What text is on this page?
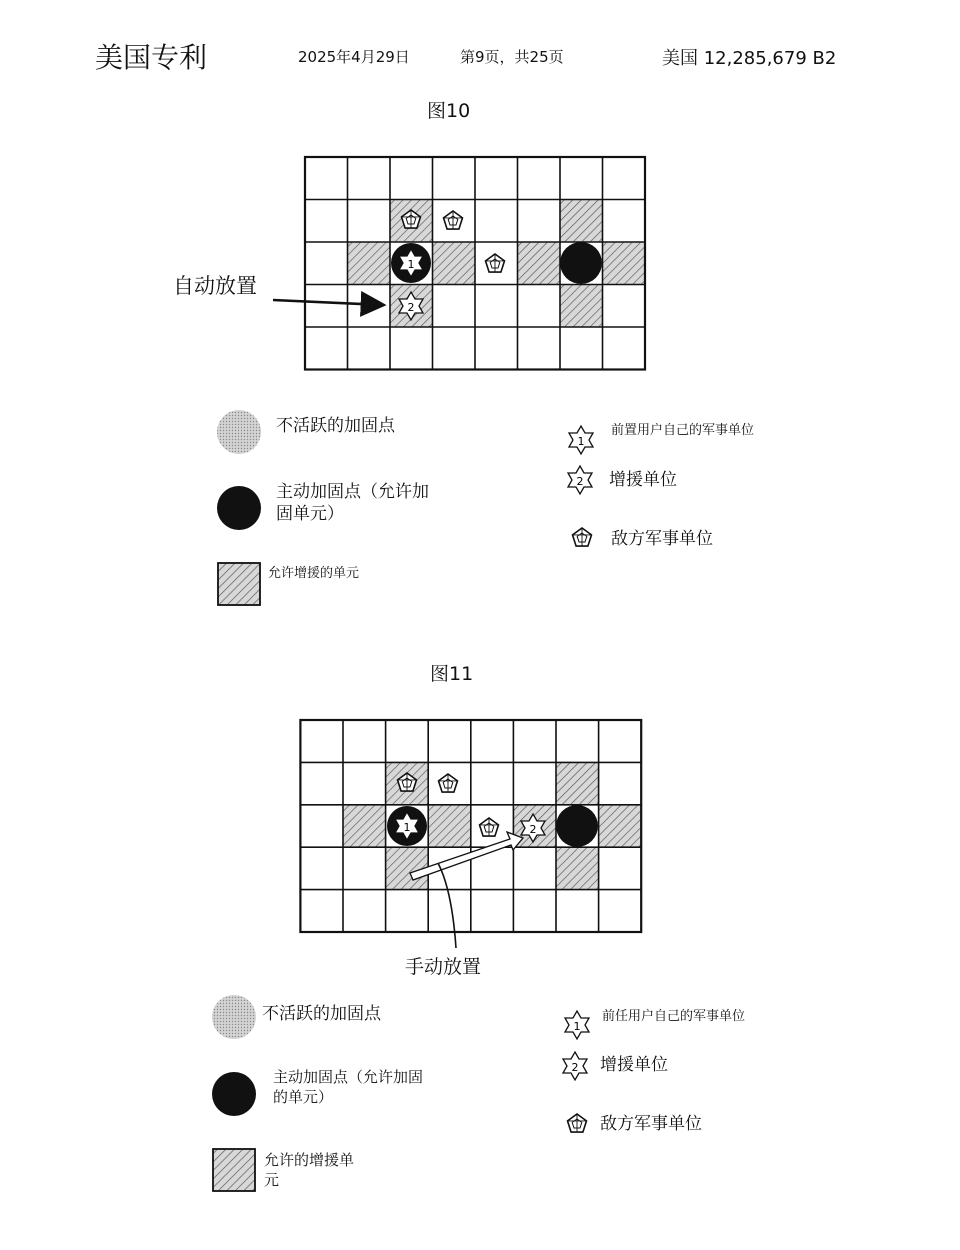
美国专利	2025年4月29日	第9页，共25页	美国 12,285,679 B2
图10
自动放置
不活跃的加固点
主动加固点（允许加固单元）
允许增援的单元
前置用户自己的军事单位
增援单位
敌方军事单位
图11
手动放置
不活跃的加固点
主动加固点（允许加固的单元）
允许的增援单元
前任用户自己的军事单位
增援单位
敌方军事单位
1
2
1
2
1	2
1
2
